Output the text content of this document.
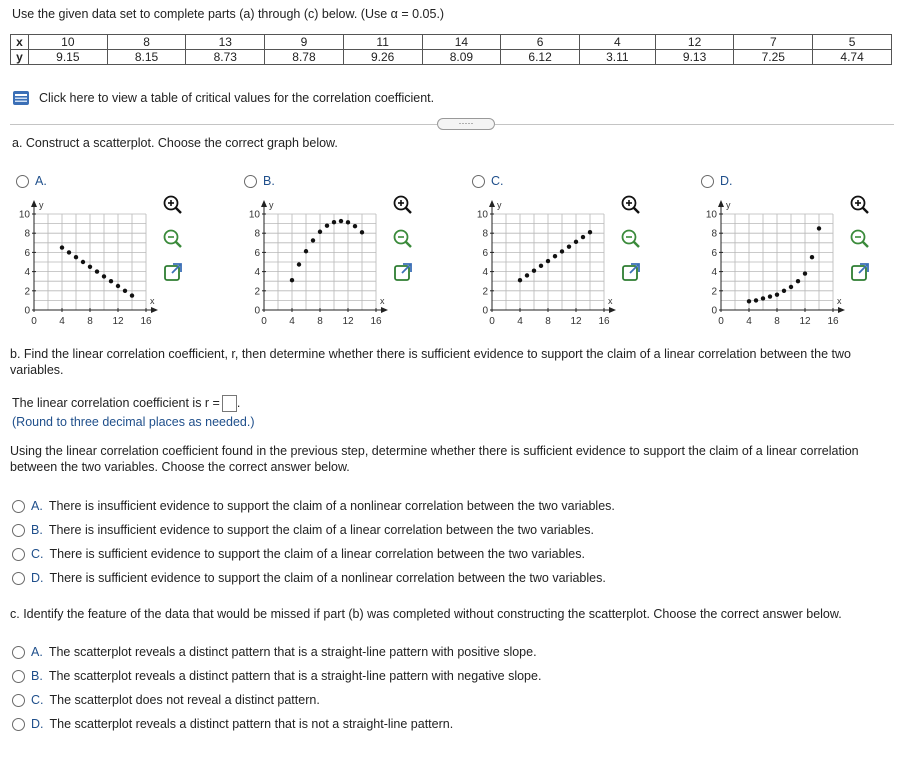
Use the given data set to complete parts (a) through (c) below. (Use α = 0.05.)
x	10	8	13	9	11	14	6	4	12	7	5
y	9.15	8.15	8.73	8.78	9.26	8.09	6.12	3.11	9.13	7.25	4.74
Click here to view a table of critical values for the correlation coefficient.
·····
a. Construct a scatterplot. Choose the correct graph below.
A.
0 4 8 12 16
10
8
6
4
2
0
x
y
B.
0 4 8 12 16
10
8
6
4
2
0
x
y
C.
0 4 8 12 16
10
8
6
4
2
0
x
y
D.
0 4 8 12 16
10
8
6
4
2
0
x
y
b. Find the linear correlation coefficient, r, then determine whether there is sufficient evidence to support the claim of a linear correlation between the two variables.
The linear correlation coefficient is r = .
(Round to three decimal places as needed.)
Using the linear correlation coefficient found in the previous step, determine whether there is sufficient evidence to support the claim of a linear correlation between the two variables. Choose the correct answer below.
A. There is insufficient evidence to support the claim of a nonlinear correlation between the two variables.
B. There is insufficient evidence to support the claim of a linear correlation between the two variables.
C. There is sufficient evidence to support the claim of a linear correlation between the two variables.
D. There is sufficient evidence to support the claim of a nonlinear correlation between the two variables.
c. Identify the feature of the data that would be missed if part (b) was completed without constructing the scatterplot. Choose the correct answer below.
A. The scatterplot reveals a distinct pattern that is a straight-line pattern with positive slope.
B. The scatterplot reveals a distinct pattern that is a straight-line pattern with negative slope.
C. The scatterplot does not reveal a distinct pattern.
D. The scatterplot reveals a distinct pattern that is not a straight-line pattern.
